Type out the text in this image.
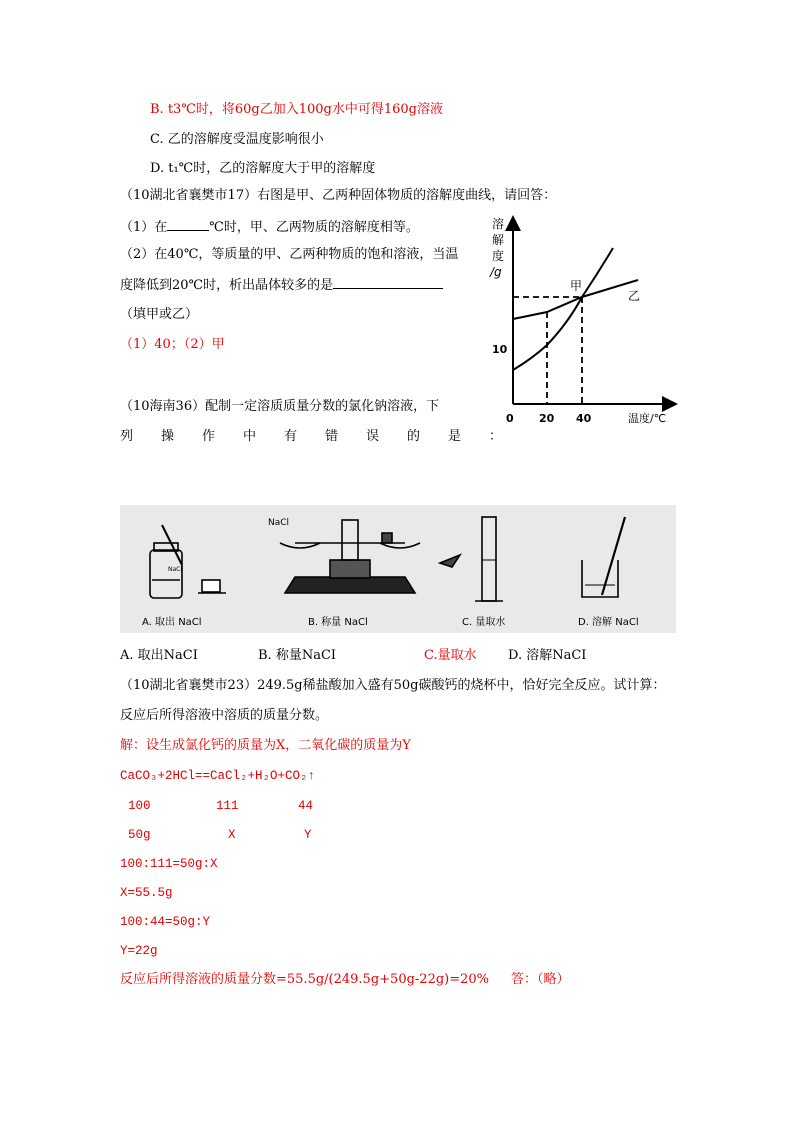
B. t3℃时，将60g乙加入100g水中可得160g溶液
C. 乙的溶解度受温度影响很小
D. t₁℃时，乙的溶解度大于甲的溶解度
（10湖北省襄樊市17）右图是甲、乙两种固体物质的溶解度曲线，请回答：
（1）在	℃时，甲、乙两物质的溶解度相等。
（2）在40℃，等质量的甲、乙两种物质的饱和溶液，当温
度降低到20℃时，析出晶体较多的是
（填甲或乙）
（1）40；（2）甲
溶
解
度
/g
10
0 20 40	温度/℃
甲
乙
（10海南36）配制一定溶质质量分数的氯化钠溶液，下
列操作中有错误的是：
NaCl
NaCl
A. 取出 NaCl	B. 称量 NaCl	C. 量取水	D. 溶解 NaCl
A. 取出NaCI	B. 称量NaCI	C.量取水 D. 溶解NaCI
（10湖北省襄樊市23）249.5g稀盐酸加入盛有50g碳酸钙的烧杯中，恰好完全反应。试计算：
反应后所得溶液中溶质的质量分数。
解：设生成氯化钙的质量为X，二氧化碳的质量为Y
CaCO₃+2HCl==CaCl₂+H₂O+CO₂↑
100	111	44
50g	X	Y
100:111=50g:X
X=55.5g
100:44=50g:Y
Y=22g
反应后所得溶液的质量分数=55.5g/(249.5g+50g-22g)=20% 答：（略）
